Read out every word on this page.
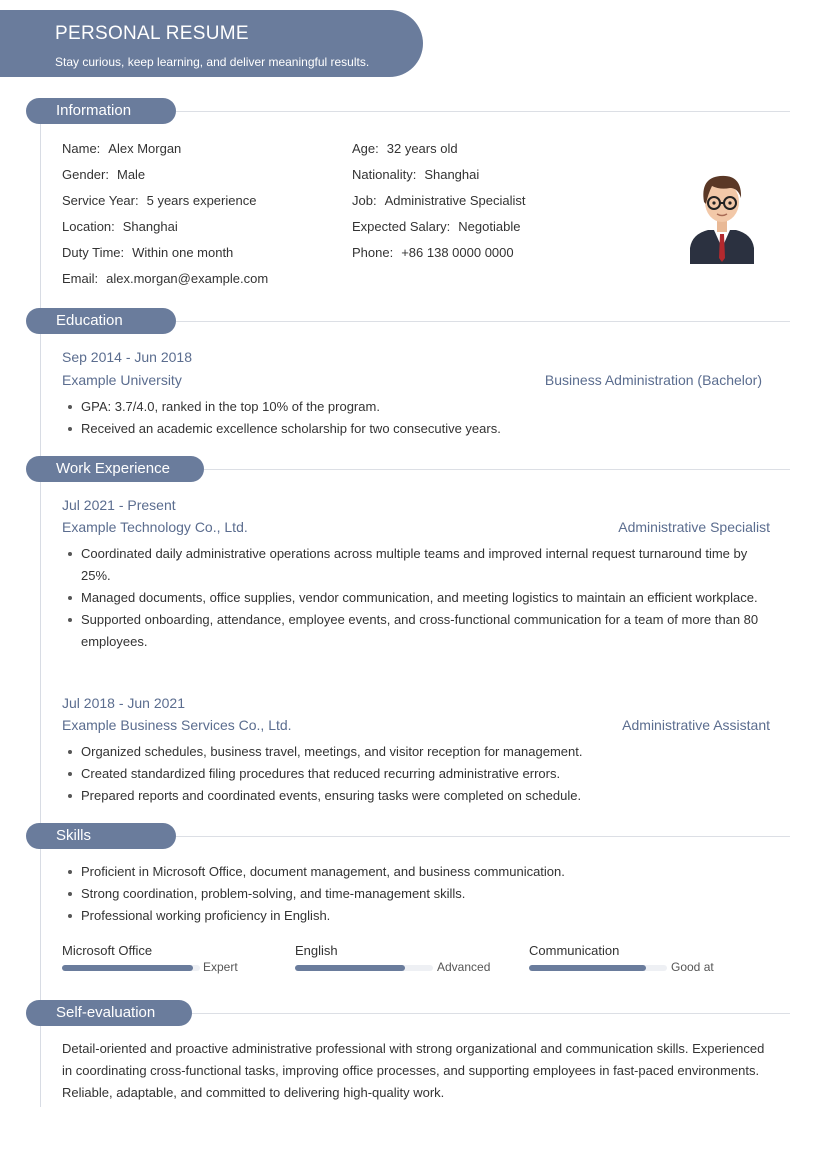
PERSONAL RESUME
Stay curious, keep learning, and deliver meaningful results.
Information
Name: Alex Morgan
Gender: Male
Service Year: 5 years experience
Location: Shanghai
Duty Time: Within one month
Email: alex.morgan@example.com
Age: 32 years old
Nationality: Shanghai
Job: Administrative Specialist
Expected Salary: Negotiable
Phone: +86 138 0000 0000
Education
Sep 2014 - Jun 2018
Example University	Business Administration (Bachelor)
GPA: 3.7/4.0, ranked in the top 10% of the program.
Received an academic excellence scholarship for two consecutive years.
Work Experience
Jul 2021 - Present
Example Technology Co., Ltd.	Administrative Specialist
Coordinated daily administrative operations across multiple teams and improved internal request turnaround time by 25%.
Managed documents, office supplies, vendor communication, and meeting logistics to maintain an efficient workplace.
Supported onboarding, attendance, employee events, and cross-functional communication for a team of more than 80 employees.
Jul 2018 - Jun 2021
Example Business Services Co., Ltd.	Administrative Assistant
Organized schedules, business travel, meetings, and visitor reception for management.
Created standardized filing procedures that reduced recurring administrative errors.
Prepared reports and coordinated events, ensuring tasks were completed on schedule.
Skills
Proficient in Microsoft Office, document management, and business communication.
Strong coordination, problem-solving, and time-management skills.
Professional working proficiency in English.
Microsoft Office
Expert
English
Advanced
Communication
Good at
Self-evaluation
Detail-oriented and proactive administrative professional with strong organizational and communication skills. Experienced in coordinating cross-functional tasks, improving office processes, and supporting employees in fast-paced environments. Reliable, adaptable, and committed to delivering high-quality work.
